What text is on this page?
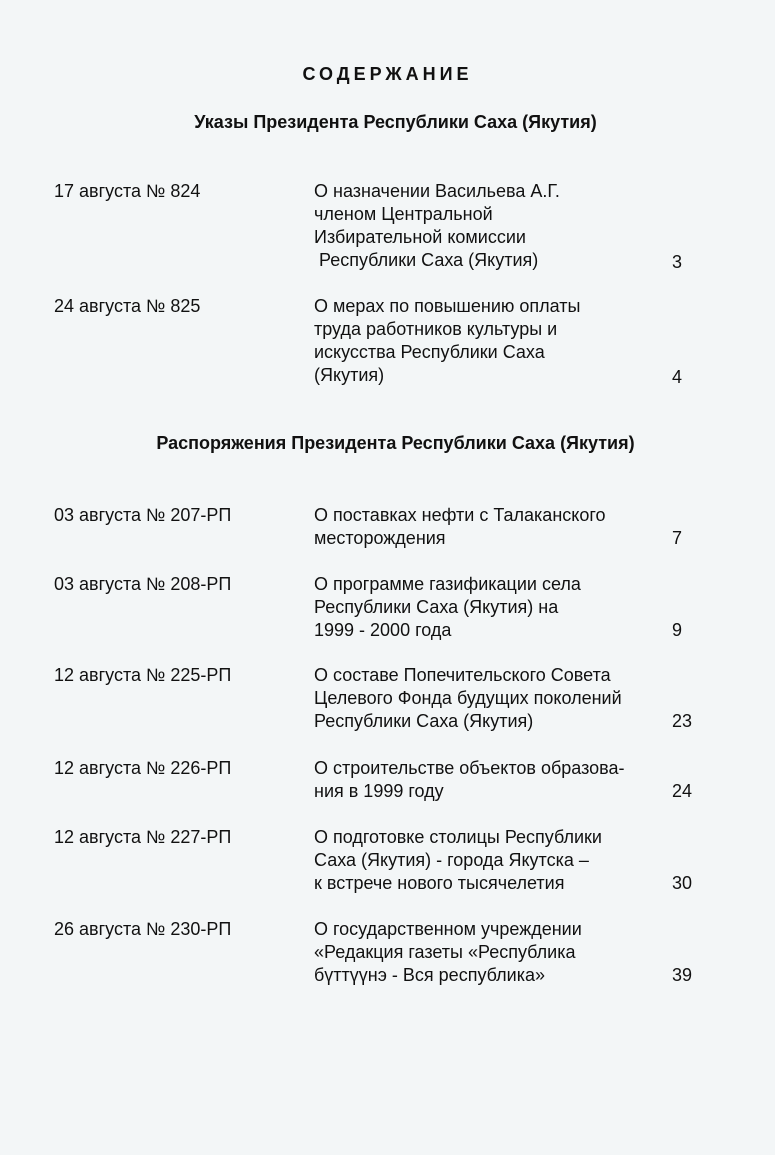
СОДЕРЖАНИЕ
Указы Президента Республики Саха (Якутия)
17 августа № 824	О назначении Васильева А.Г.
членом Центральной
Избирательной комиссии
Республики Саха (Якутия)	3
24 августа № 825	О мерах по повышению оплаты
труда работников культуры и
искусства Республики Саха
(Якутия)	4
Распоряжения Президента Республики Саха (Якутия)
03 августа № 207-РП	О поставках нефти с Талаканского
месторождения	7
03 августа № 208-РП	О программе газификации села
Республики Саха (Якутия) на
1999 - 2000 года	9
12 августа № 225-РП	О составе Попечительского Совета
Целевого Фонда будущих поколений
Республики Саха (Якутия)	23
12 августа № 226-РП	О строительстве объектов образова-
ния в 1999 году	24
12 августа № 227-РП	О подготовке столицы Республики
Саха (Якутия) - города Якутска –
к встрече нового тысячелетия	30
26 августа № 230-РП	О государственном учреждении
«Редакция газеты «Республика
бүттүүнэ - Вся республика»	39
